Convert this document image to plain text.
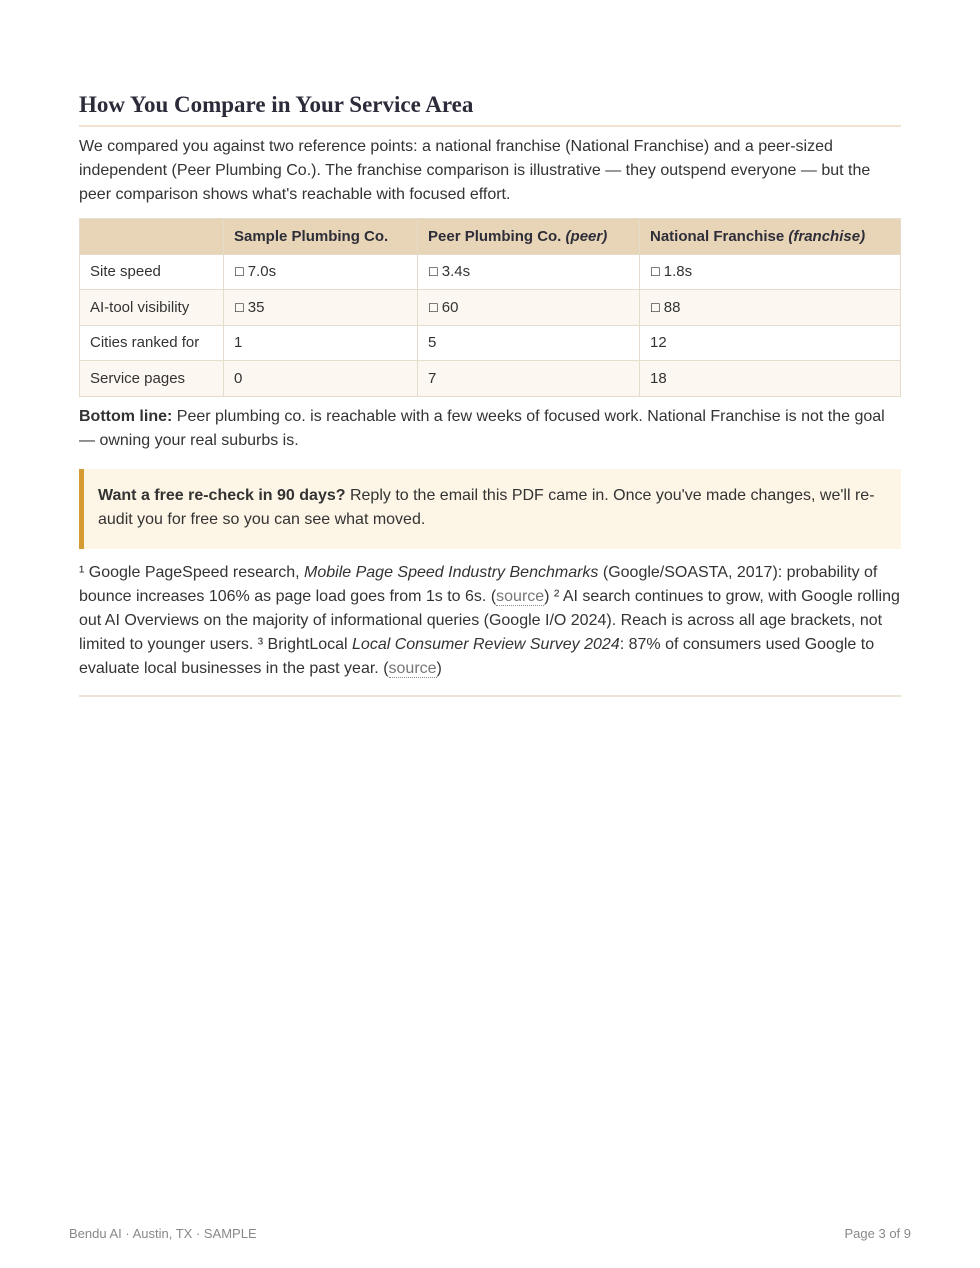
How You Compare in Your Service Area

We compared you against two reference points: a national franchise (National Franchise) and a peer-sized independent (Peer Plumbing Co.). The franchise comparison is illustrative — they outspend everyone — but the peer comparison shows what's reachable with focused effort.

	Sample Plumbing Co.	Peer Plumbing Co. (peer)	National Franchise (franchise)
Site speed	☐ 7.0s	☐ 3.4s	☐ 1.8s
AI-tool visibility	☐ 35	☐ 60	☐ 88
Cities ranked for	1	5	12
Service pages	0	7	18

Bottom line: Peer plumbing co. is reachable with a few weeks of focused work. National Franchise is not the goal — owning your real suburbs is.

Want a free re-check in 90 days? Reply to the email this PDF came in. Once you've made changes, we'll re-audit you for free so you can see what moved.
¹ Google PageSpeed research, Mobile Page Speed Industry Benchmarks (Google/SOASTA, 2017): probability of bounce increases 106% as page load goes from 1s to 6s. (source) ² AI search continues to grow, with Google rolling out AI Overviews on the majority of informational queries (Google I/O 2024). Reach is across all age brackets, not limited to younger users. ³ BrightLocal Local Consumer Review Survey 2024: 87% of consumers used Google to evaluate local businesses in the past year. (source)
Bendu AI · Austin, TX · SAMPLE	Page 3 of 9
